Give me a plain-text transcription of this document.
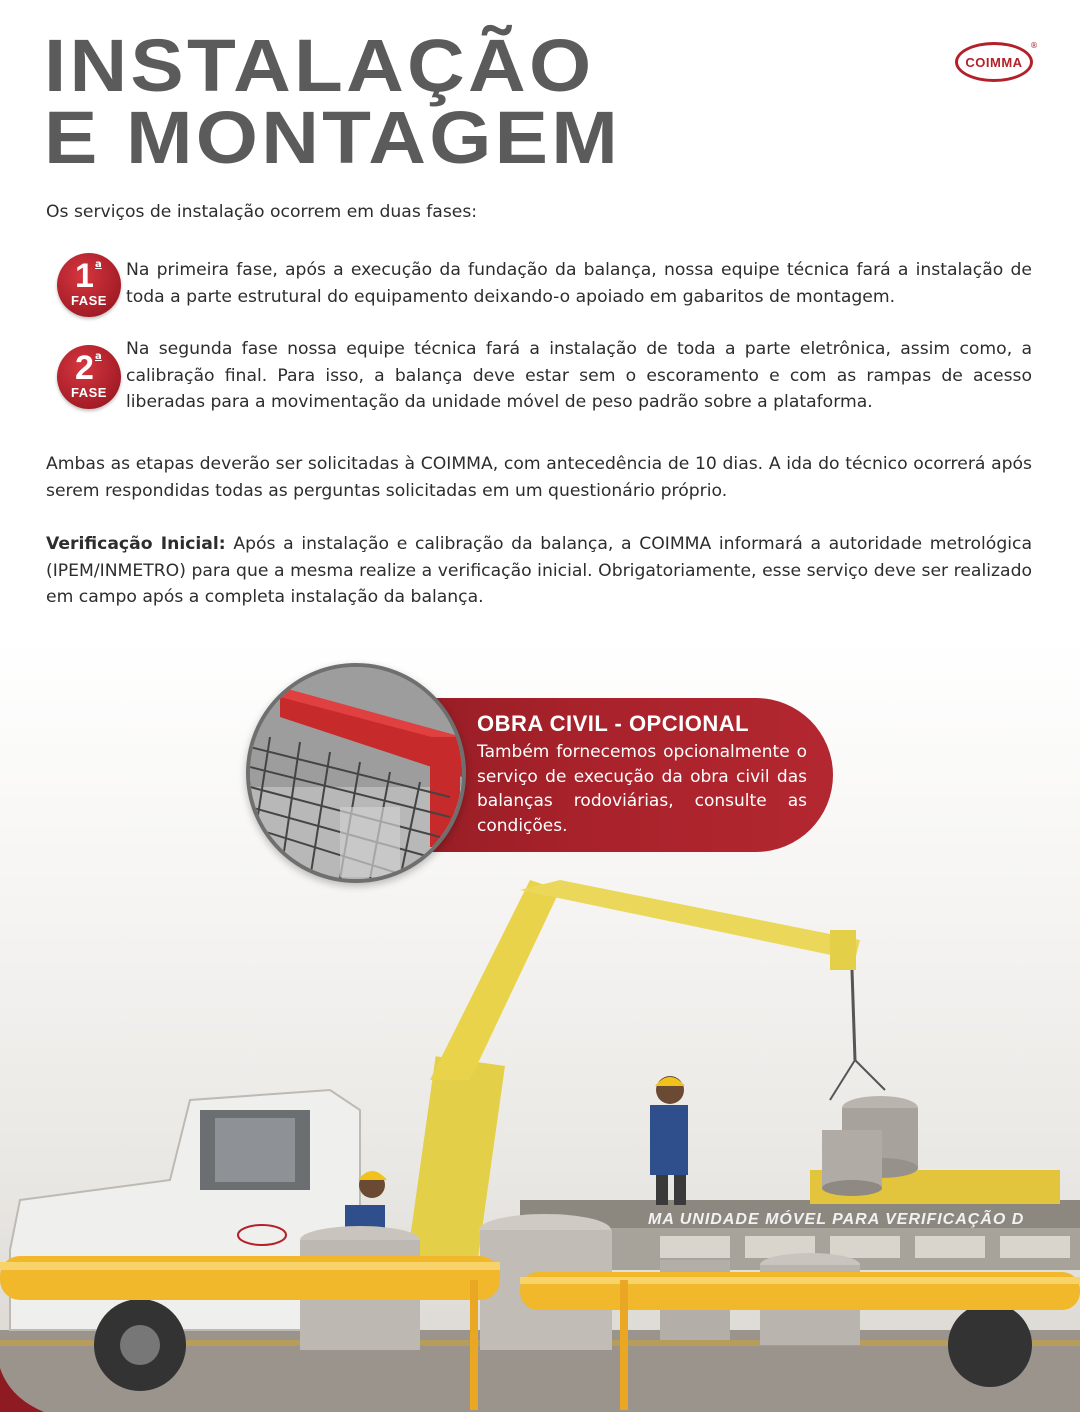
INSTALAÇÃO
E MONTAGEM
COIMMA
®

Os serviços de instalação ocorrem em duas fases:

1 a
FASE
Na primeira fase, após a execução da fundação da balança, nossa equipe técnica fará a instalação de toda a parte estrutural do equipamento deixando-o apoiado em gabaritos de montagem.
2 a
FASE
Na segunda fase nossa equipe técnica fará a instalação de toda a parte eletrônica, assim como, a calibração final. Para isso, a balança deve estar sem o escoramento e com as rampas de acesso liberadas para a movimentação da unidade móvel de peso padrão sobre a plataforma.

Ambas as etapas deverão ser solicitadas à COIMMA, com antecedência de 10 dias. A ida do técnico ocorrerá após serem respondidas todas as perguntas solicitadas em um questionário próprio.

Verificação Inicial: Após a instalação e calibração da balança, a COIMMA informará a autoridade metrológica (IPEM/INMETRO) para que a mesma realize a verificação inicial. Obrigatoriamente, esse serviço deve ser realizado em campo após a completa instalação da balança.

MA UNIDADE MÓVEL PARA VERIFICAÇÃO D
OBRA CIVIL - OPCIONAL
Também fornecemos opcionalmente o serviço de execução da obra civil das balanças rodoviárias, consulte as condições.
